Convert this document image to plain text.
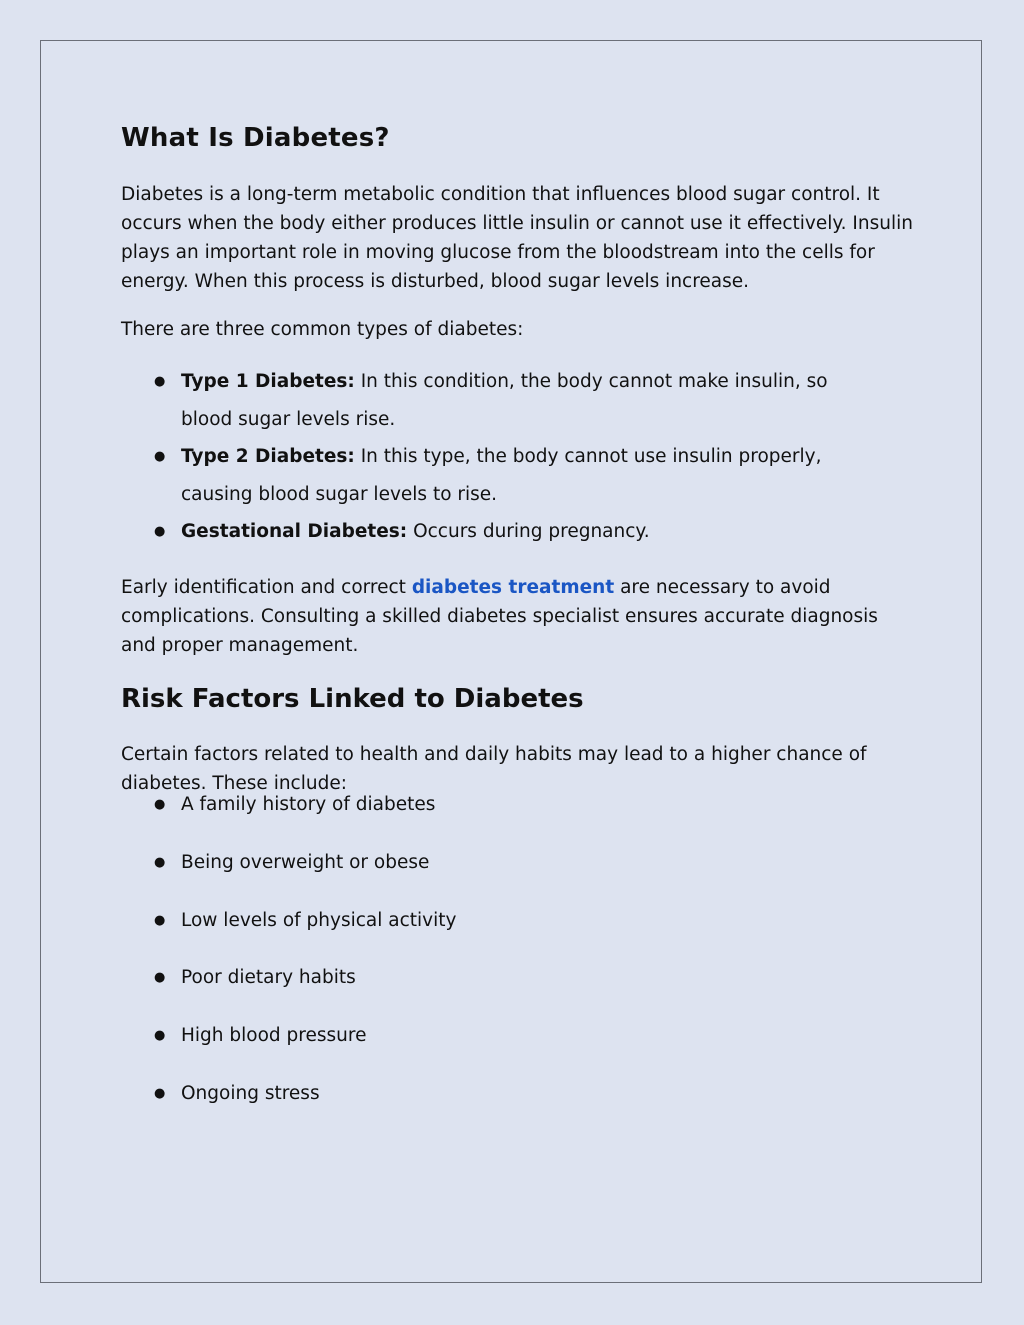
What Is Diabetes?

Diabetes is a long-term metabolic condition that influences blood sugar control. It occurs when the body either produces little insulin or cannot use it effectively. Insulin plays an important role in moving glucose from the bloodstream into the cells for energy. When this process is disturbed, blood sugar levels increase.

There are three common types of diabetes:

● Type 1 Diabetes: In this condition, the body cannot make insulin, so blood sugar levels rise.
● Type 2 Diabetes: In this type, the body cannot use insulin properly, causing blood sugar levels to rise.
● Gestational Diabetes: Occurs during pregnancy.

Early identification and correct diabetes treatment are necessary to avoid complications. Consulting a skilled diabetes specialist ensures accurate diagnosis and proper management.

Risk Factors Linked to Diabetes

Certain factors related to health and daily habits may lead to a higher chance of diabetes. These include:

● A family history of diabetes
● Being overweight or obese
● Low levels of physical activity
● Poor dietary habits
● High blood pressure
● Ongoing stress
